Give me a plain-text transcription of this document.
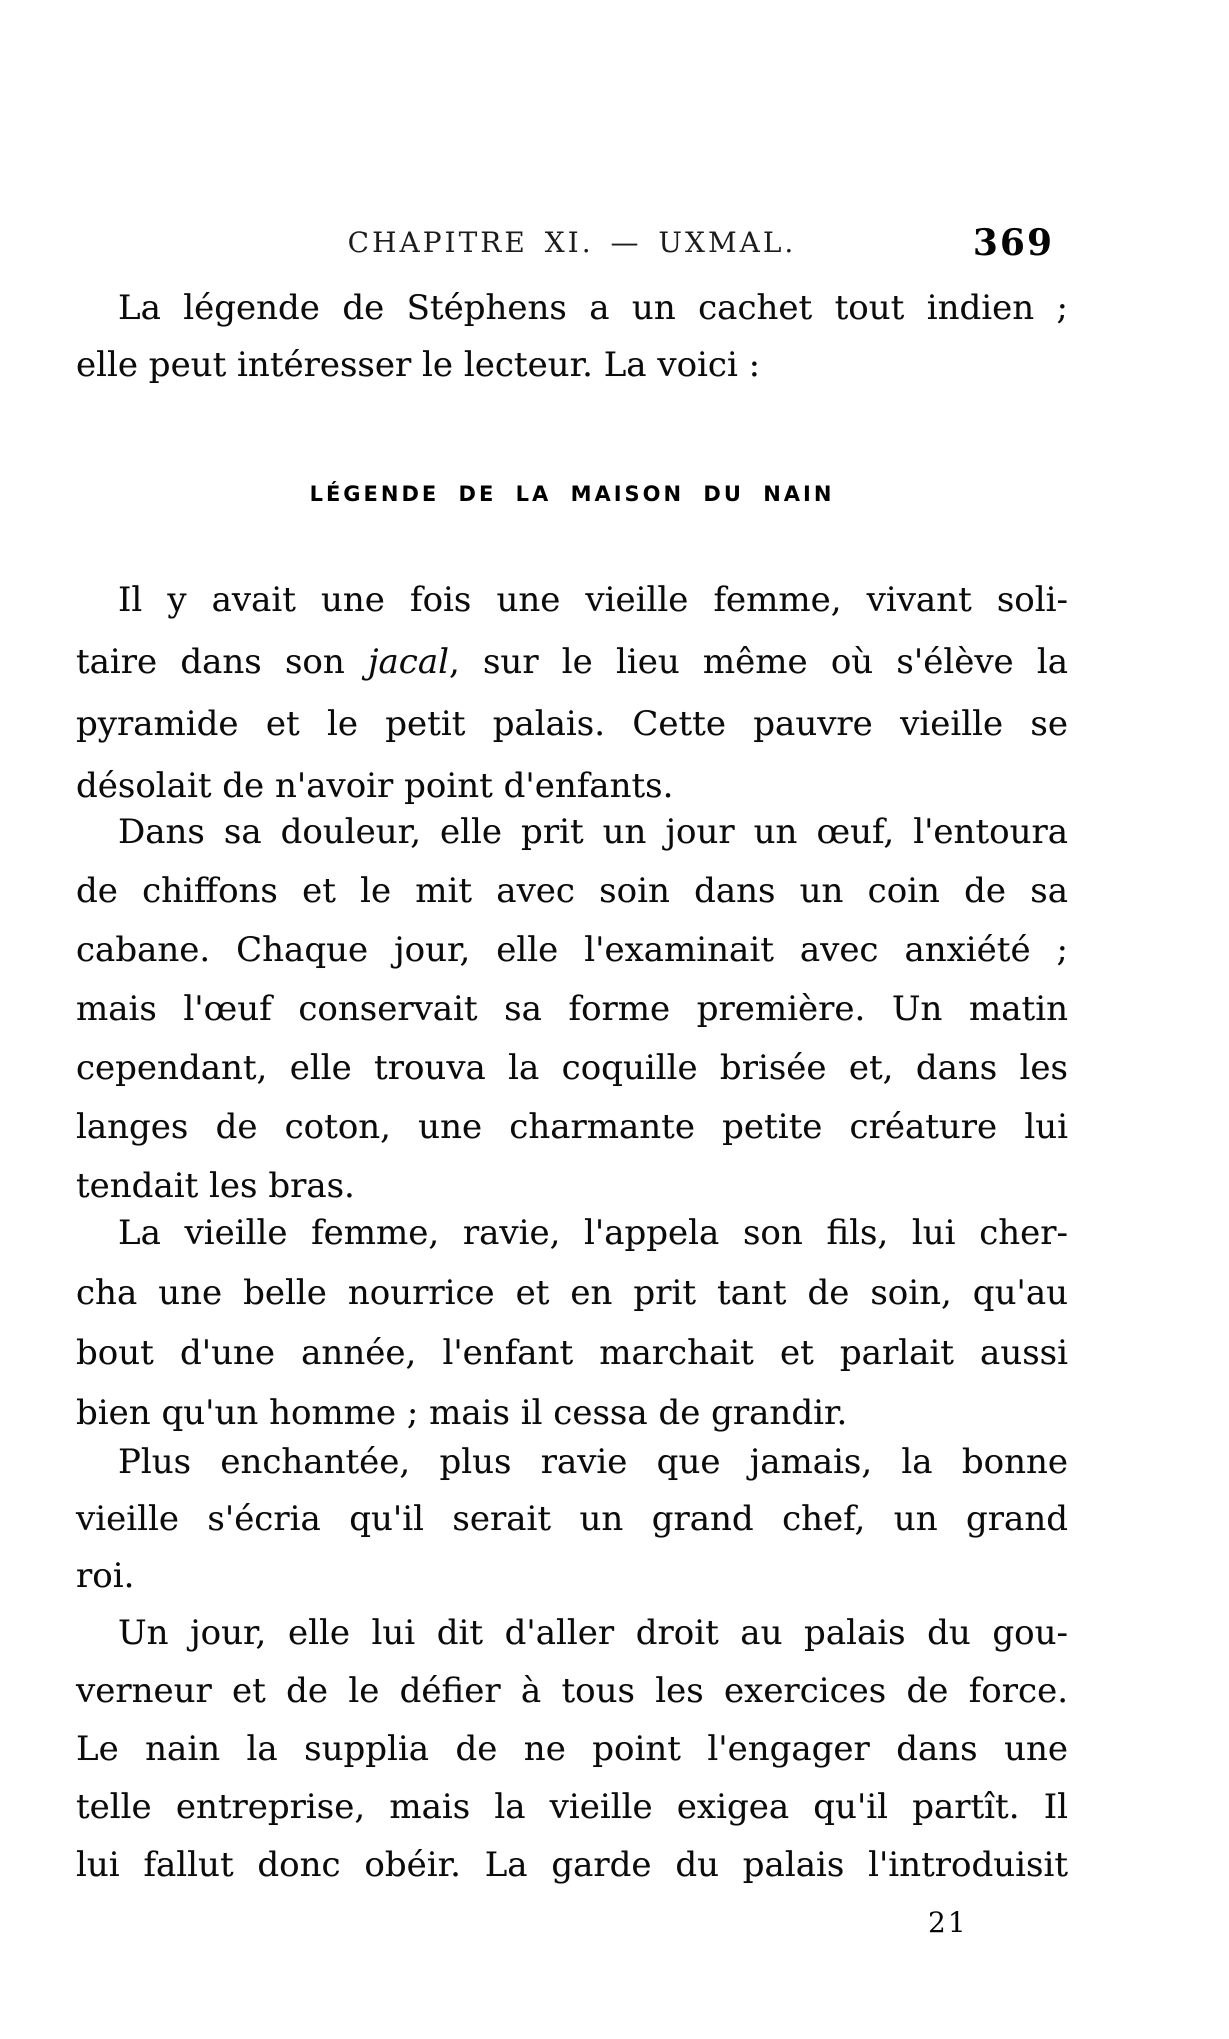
CHAPITRE XI. — UXMAL.	369
La légende de Stéphens a un cachet tout indien ;
elle peut intéresser le lecteur. La voici :
LÉGENDE DE LA MAISON DU NAIN
Il y avait une fois une vieille femme, vivant soli-
taire dans son jacal, sur le lieu même où s'élève la
pyramide et le petit palais. Cette pauvre vieille se
désolait de n'avoir point d'enfants.
Dans sa douleur, elle prit un jour un œuf, l'entoura
de chiffons et le mit avec soin dans un coin de sa
cabane. Chaque jour, elle l'examinait avec anxiété ;
mais l'œuf conservait sa forme première. Un matin
cependant, elle trouva la coquille brisée et, dans les
langes de coton, une charmante petite créature lui
tendait les bras.
La vieille femme, ravie, l'appela son fils, lui cher-
cha une belle nourrice et en prit tant de soin, qu'au
bout d'une année, l'enfant marchait et parlait aussi
bien qu'un homme ; mais il cessa de grandir.
Plus enchantée, plus ravie que jamais, la bonne
vieille s'écria qu'il serait un grand chef, un grand
roi.
Un jour, elle lui dit d'aller droit au palais du gou-
verneur et de le défier à tous les exercices de force.
Le nain la supplia de ne point l'engager dans une
telle entreprise, mais la vieille exigea qu'il partît. Il
lui fallut donc obéir. La garde du palais l'introduisit
21
